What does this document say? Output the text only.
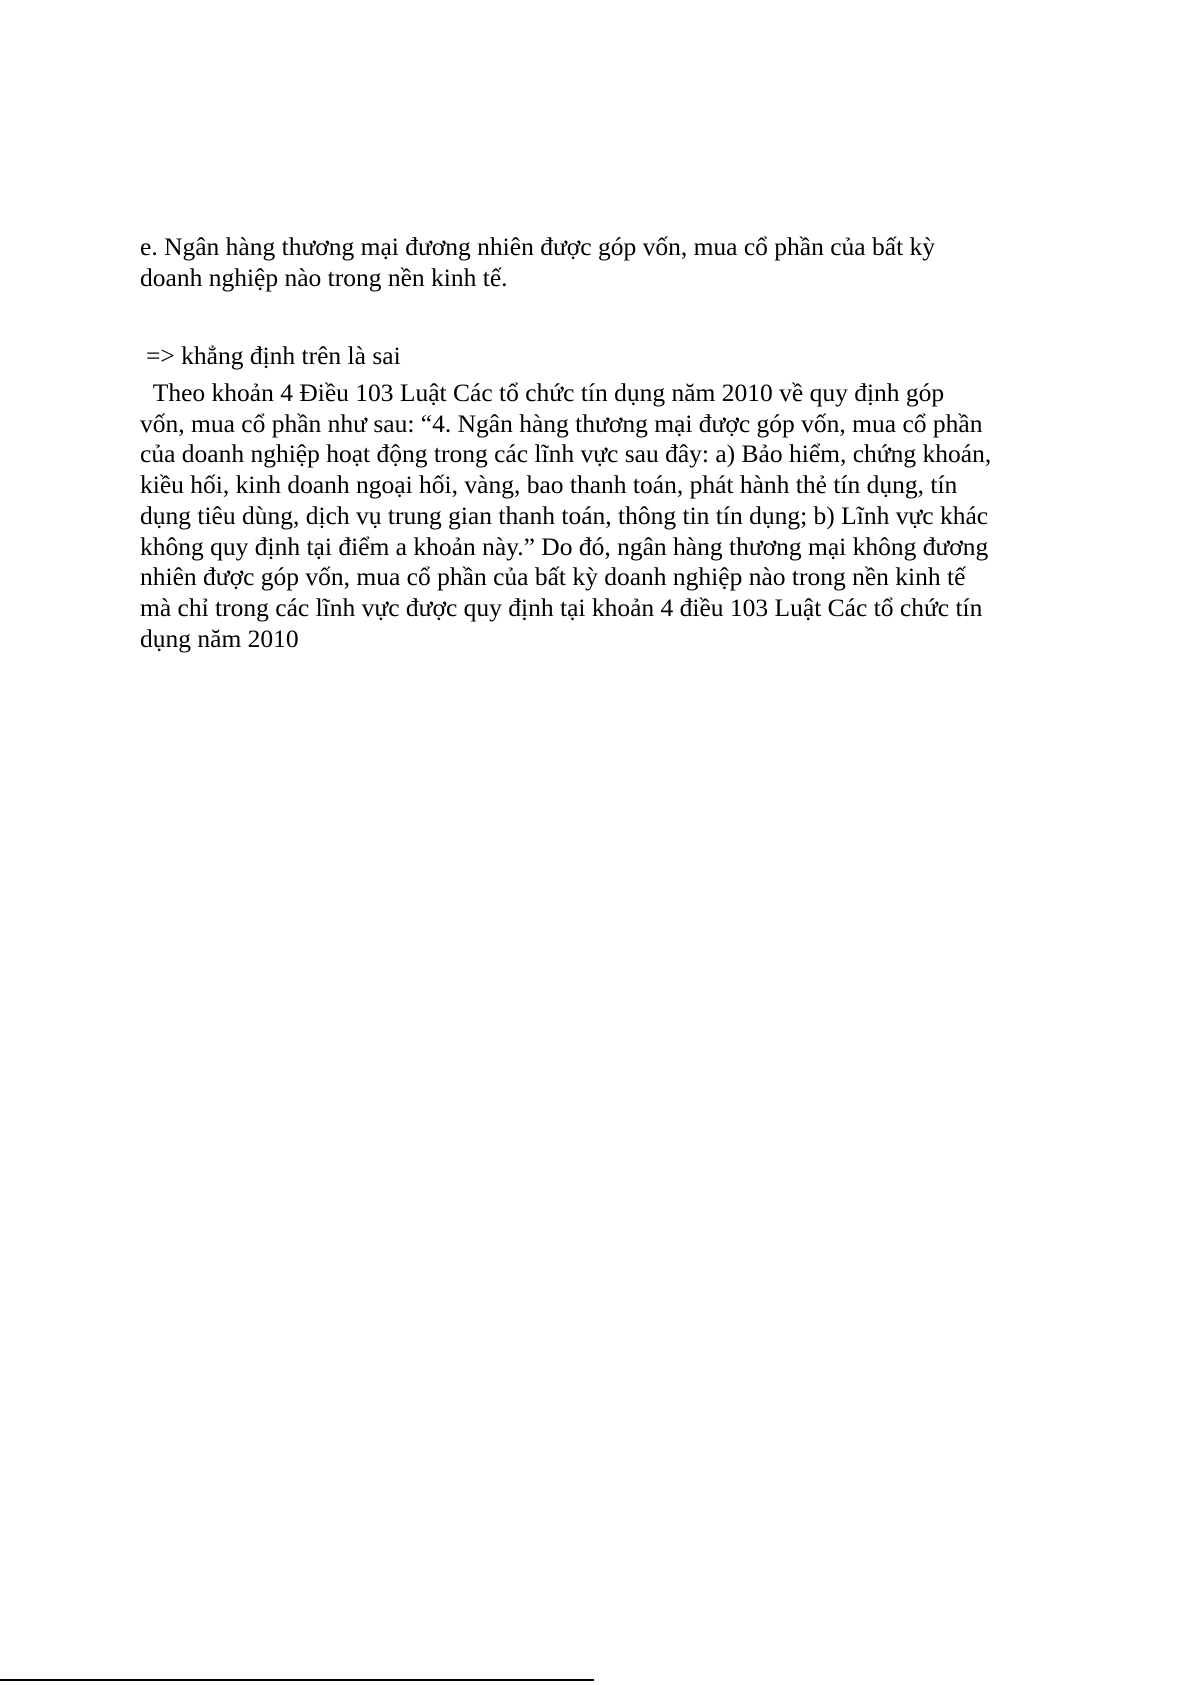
e. Ngân hàng thương mại đương nhiên được góp vốn, mua cổ phần của bất kỳ
doanh nghiệp nào trong nền kinh tế.
=> khẳng định trên là sai
Theo khoản 4 Điều 103 Luật Các tổ chức tín dụng năm 2010 về quy định góp
vốn, mua cổ phần như sau: “4. Ngân hàng thương mại được góp vốn, mua cổ phần
của doanh nghiệp hoạt động trong các lĩnh vực sau đây: a) Bảo hiểm, chứng khoán,
kiều hối, kinh doanh ngoại hối, vàng, bao thanh toán, phát hành thẻ tín dụng, tín
dụng tiêu dùng, dịch vụ trung gian thanh toán, thông tin tín dụng; b) Lĩnh vực khác
không quy định tại điểm a khoản này.” Do đó, ngân hàng thương mại không đương
nhiên được góp vốn, mua cổ phần của bất kỳ doanh nghiệp nào trong nền kinh tế
mà chỉ trong các lĩnh vực được quy định tại khoản 4 điều 103 Luật Các tổ chức tín
dụng năm 2010
